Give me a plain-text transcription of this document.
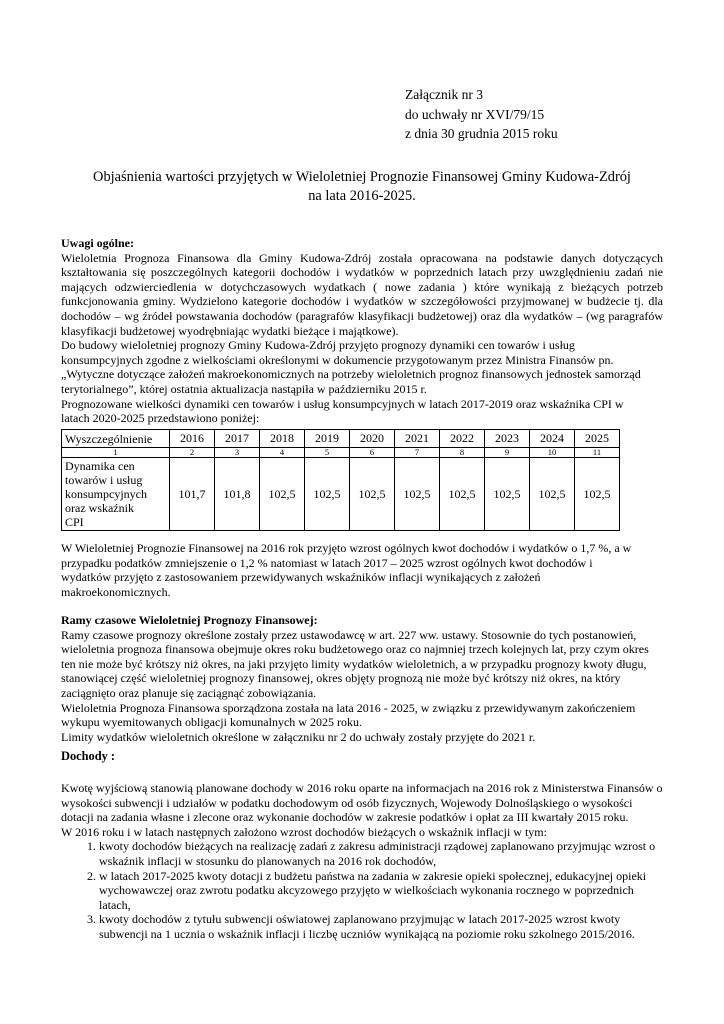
Załącznik nr 3
do uchwały nr XVI/79/15
z dnia 30 grudnia 2015 roku
Objaśnienia wartości przyjętych w Wieloletniej Prognozie Finansowej Gminy Kudowa-Zdrój
na lata 2016-2025.
Uwagi ogólne:
Wieloletnia Prognoza Finansowa dla Gminy Kudowa-Zdrój została opracowana na podstawie danych dotyczących kształtowania się poszczególnych kategorii dochodów i wydatków w poprzednich latach przy uwzględnieniu zadań nie mających odzwierciedlenia w dotychczasowych wydatkach ( nowe zadania ) które wynikają z bieżących potrzeb funkcjonowania gminy. Wydzielono kategorie dochodów i wydatków w szczegółowości przyjmowanej w budżecie tj. dla dochodów – wg źródeł powstawania dochodów (paragrafów klasyfikacji budżetowej) oraz dla wydatków – (wg paragrafów klasyfikacji budżetowej wyodrębniając wydatki bieżące i majątkowe).
Do budowy wieloletniej prognozy Gminy Kudowa-Zdrój przyjęto prognozy dynamiki cen towarów i usług
konsumpcyjnych zgodne z wielkościami określonymi w dokumencie przygotowanym przez Ministra Finansów pn.
„Wytyczne dotyczące założeń makroekonomicznych na potrzeby wieloletnich prognoz finansowych jednostek samorząd
terytorialnego”, której ostatnia aktualizacja nastąpiła w październiku 2015 r.
Prognozowane wielkości dynamiki cen towarów i usług konsumpcyjnych w latach 2017-2019 oraz wskaźnika CPI w
latach 2020-2025 przedstawiono poniżej:
Wyszczególnienie	2016	2017	2018	2019	2020	2021	2022	2023	2024	2025
1	2	3	4	5	6	7	8	9	10	11

Dynamika cen
towarów i usług
konsumpcyjnych
oraz wskaźnik
CPI	101,7	101,8	102,5	102,5	102,5	102,5	102,5	102,5	102,5	102,5
W Wieloletniej Prognozie Finansowej na 2016 rok przyjęto wzrost ogólnych kwot dochodów i wydatków o 1,7 %, a w
przypadku podatków zmniejszenie o 1,2 % natomiast w latach 2017 – 2025 wzrost ogólnych kwot dochodów i
wydatków przyjęto z zastosowaniem przewidywanych wskaźników inflacji wynikających z założeń
makroekonomicznych.
Ramy czasowe Wieloletniej Prognozy Finansowej:
Ramy czasowe prognozy określone zostały przez ustawodawcę w art. 227 ww. ustawy. Stosownie do tych postanowień, wieloletnia prognoza finansowa obejmuje okres roku budżetowego oraz co najmniej trzech kolejnych lat, przy czym okres ten nie może być krótszy niż okres, na jaki przyjęto limity wydatków wieloletnich, a w przypadku prognozy kwoty długu, stanowiącej część wieloletniej prognozy finansowej, okres objęty prognozą nie może być krótszy niż okres, na który zaciągnięto oraz planuje się zaciągnąć zobowiązania.
Wieloletnia Prognoza Finansowa sporządzona została na lata 2016 - 2025, w związku z przewidywanym zakończeniem wykupu wyemitowanych obligacji komunalnych w 2025 roku.
Limity wydatków wieloletnich określone w załączniku nr 2 do uchwały zostały przyjęte do 2021 r.
Dochody :
Kwotę wyjściową stanowią planowane dochody w 2016 roku oparte na informacjach na 2016 rok z Ministerstwa Finansów o wysokości subwencji i udziałów w podatku dochodowym od osób fizycznych, Wojewody Dolnośląskiego o wysokości dotacji na zadania własne i zlecone oraz wykonanie dochodów w zakresie podatków i opłat za III kwartały 2015 roku.
W 2016 roku i w latach następnych założono wzrost dochodów bieżących o wskaźnik inflacji w tym:
1. kwoty dochodów bieżących na realizację zadań z zakresu administracji rządowej zaplanowano przyjmując wzrost o wskaźnik inflacji w stosunku do planowanych na 2016 rok dochodów,
2. w latach 2017-2025 kwoty dotacji z budżetu państwa na zadania w zakresie opieki społecznej, edukacyjnej opieki wychowawczej oraz zwrotu podatku akcyzowego przyjęto w wielkościach wykonania rocznego w poprzednich latach,
3. kwoty dochodów z tytułu subwencji oświatowej zaplanowano przyjmując w latach 2017-2025 wzrost kwoty subwencji na 1 ucznia o wskaźnik inflacji i liczbę uczniów wynikającą na poziomie roku szkolnego 2015/2016.
